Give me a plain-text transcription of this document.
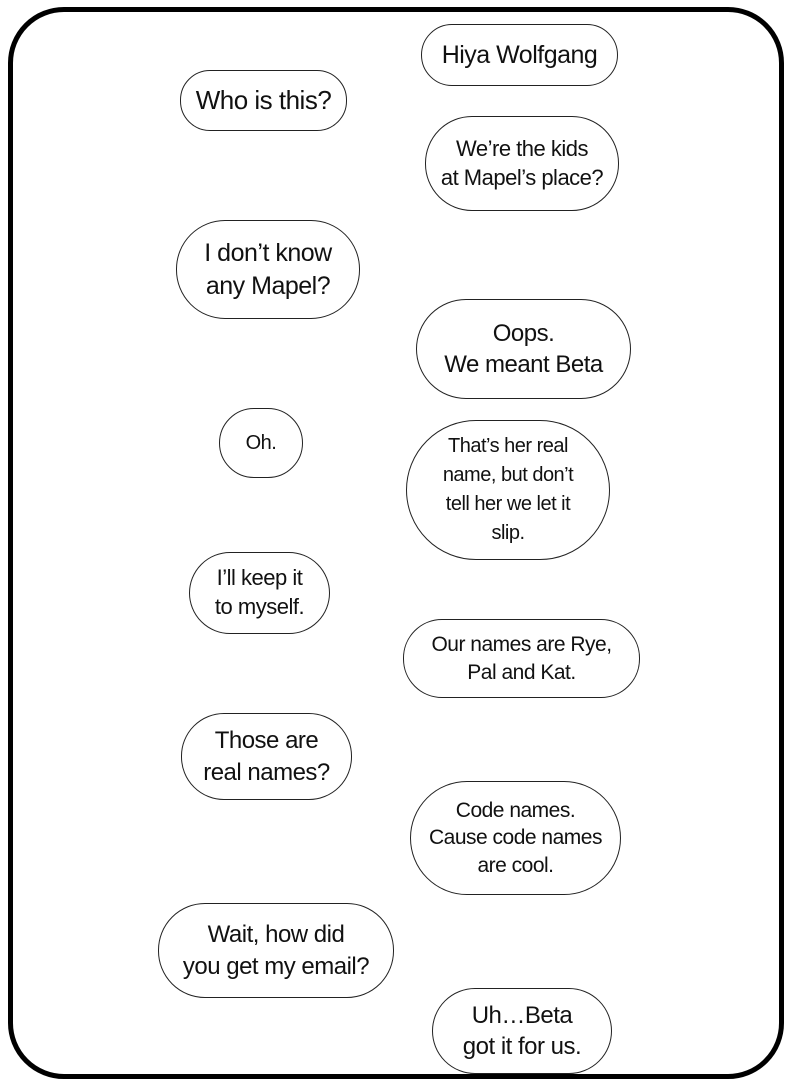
Hiya Wolfgang
Who is this?
We’re the kids
at Mapel’s place?
I don’t know
any Mapel?
Oops.
We meant Beta
Oh.	That’s her real
name, but don’t
tell her we let it
slip.
I’ll keep it
to myself.
Our names are Rye,
Pal and Kat.
Those are
real names?
Code names.
Cause code names
are cool.
Wait, how did
you get my email?
Uh…Beta
got it for us.
